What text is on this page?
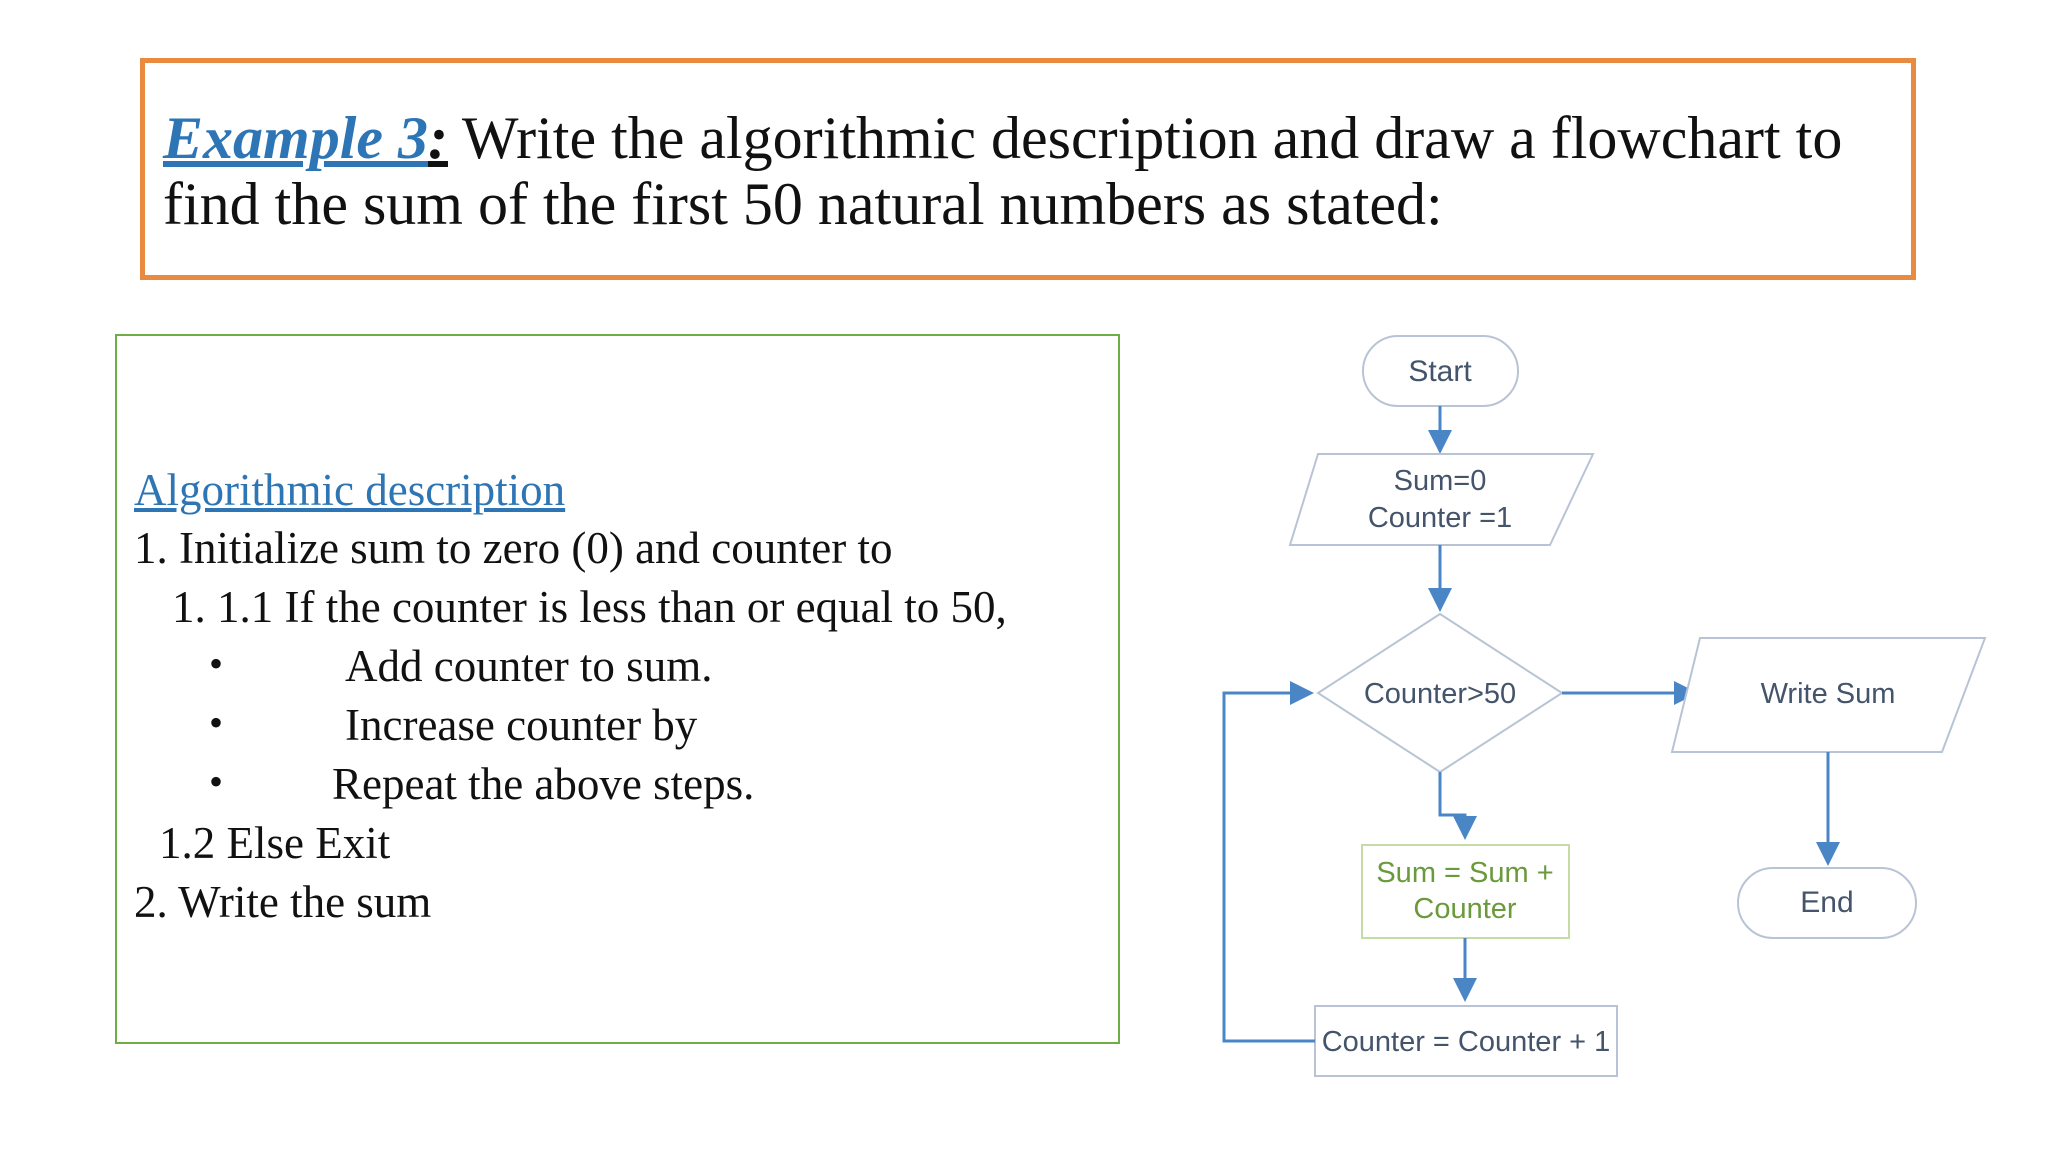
Example 3: Write the algorithmic description and draw a flowchart to
find the sum of the first 50 natural numbers as stated:
Algorithmic description
1. Initialize sum to zero (0) and counter to
1. 1.1 If the counter is less than or equal to 50,
•	Add counter to sum.
•	Increase counter by
• Repeat the above steps.
1.2 Else Exit
2. Write the sum
Start
Sum=0
Counter =1
Counter>50	Write Sum
End
Sum = Sum +
Counter
Counter = Counter + 1
